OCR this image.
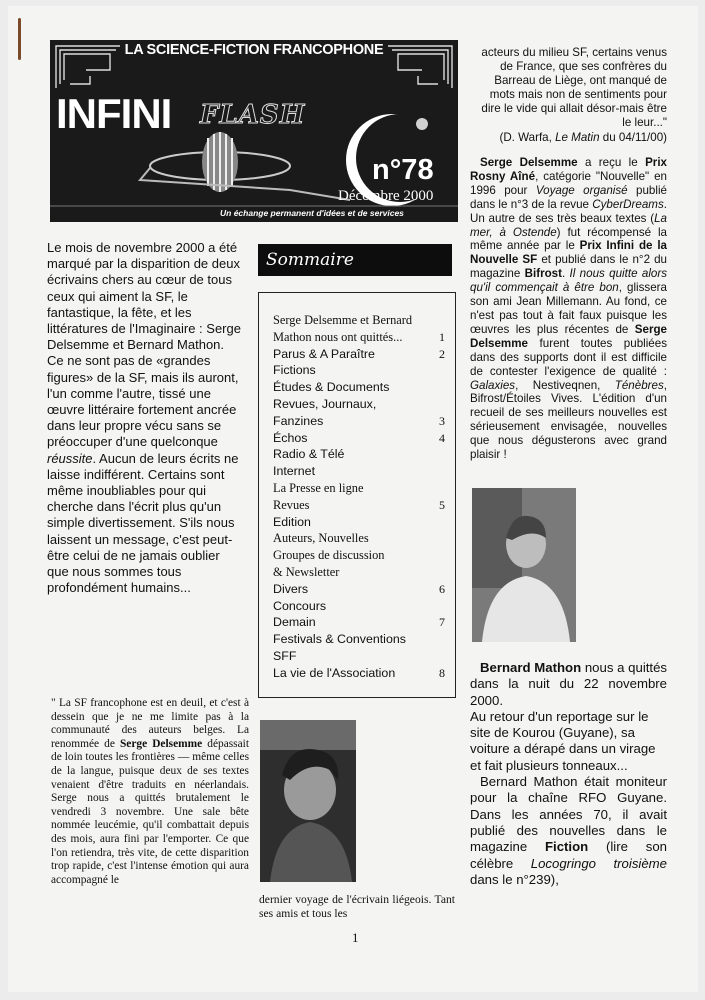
LA SCIENCE-FICTION FRANCOPHONE
INFINI FLASH
n°78
Décembre 2000
Un échange permanent d'idées et de services

Le mois de novembre 2000 a été marqué par la disparition de deux écrivains chers au cœur de tous ceux qui aiment la SF, le fantastique, la fête, et les littératures de l'Imaginaire : Serge Delsemme et Bernard Mathon. Ce ne sont pas de «grandes figures» de la SF, mais ils auront, l'un comme l'autre, tissé une œuvre littéraire fortement ancrée dans leur propre vécu sans se préoccuper d'une quelconque réussite. Aucun de leurs écrits ne laisse indifférent. Certains sont même inoubliables pour qui cherche dans l'écrit plus qu'un simple divertissement. S'ils nous laissent un message, c'est peut-être celui de ne jamais oublier que nous sommes tous profondément humains...

" La SF francophone est en deuil, et c'est à dessein que je ne me limite pas à la communauté des auteurs belges. La renommée de Serge Delsemme dépassait de loin toutes les frontières — même celles de la langue, puisque deux de ses textes venaient d'être traduits en néerlandais. Serge nous a quittés brutalement le vendredi 3 novembre. Une sale bête nommée leucémie, qu'il combattait depuis des mois, aura fini par l'emporter. Ce que l'on retiendra, très vite, de cette disparition trop rapide, c'est l'intense émotion qui aura accompagné le

Sommaire
Serge Delsemme et Bernard
Mathon nous ont quittés...	1
Parus & A Paraître	2
Fictions
Études & Documents
Revues, Journaux,
Fanzines	3
Échos	4
Radio & Télé
Internet
La Presse en ligne
Revues	5
Edition
Auteurs, Nouvelles
Groupes de discussion
& Newsletter
Divers	6
Concours
Demain	7
Festivals & Conventions
SFF
La vie de l'Association	8
dernier voyage de l'écrivain liégeois. Tant ses amis et tous les

acteurs du milieu SF, certains venus de France, que ses confrères du Barreau de Liège, ont manqué de mots mais non de sentiments pour dire le vide qui allait désor-mais être le leur..."

(D. Warfa, Le Matin du 04/11/00)

Serge Delsemme a reçu le Prix Rosny Aîné, catégorie "Nouvelle" en 1996 pour Voyage organisé publié dans le n°3 de la revue CyberDreams. Un autre de ses très beaux textes (La mer, à Ostende) fut récompensé la même année par le Prix Infini de la Nouvelle SF et publié dans le n°2 du magazine Bifrost. Il nous quitte alors qu'il commençait à être bon, glissera son ami Jean Millemann. Au fond, ce n'est pas tout à fait faux puisque les œuvres les plus récentes de Serge Delsemme furent toutes publiées dans des supports dont il est difficile de contester l'exigence de qualité : Galaxies, Nestiveqnen, Ténèbres, Bifrost/Étoiles Vives. L'édition d'un recueil de ses meilleurs nouvelles est sérieusement envisagée, nouvelles que nous dégusterons avec grand plaisir !

Bernard Mathon nous a quittés dans la nuit du 22 novembre 2000.

Au retour d'un reportage sur le site de Kourou (Guyane), sa voiture a dérapé dans un virage et fait plusieurs tonneaux...

Bernard Mathon était moniteur pour la chaîne RFO Guyane. Dans les années 70, il avait publié des nouvelles dans le magazine Fiction (lire son célèbre Locogringo troisième dans le n°239),

1
